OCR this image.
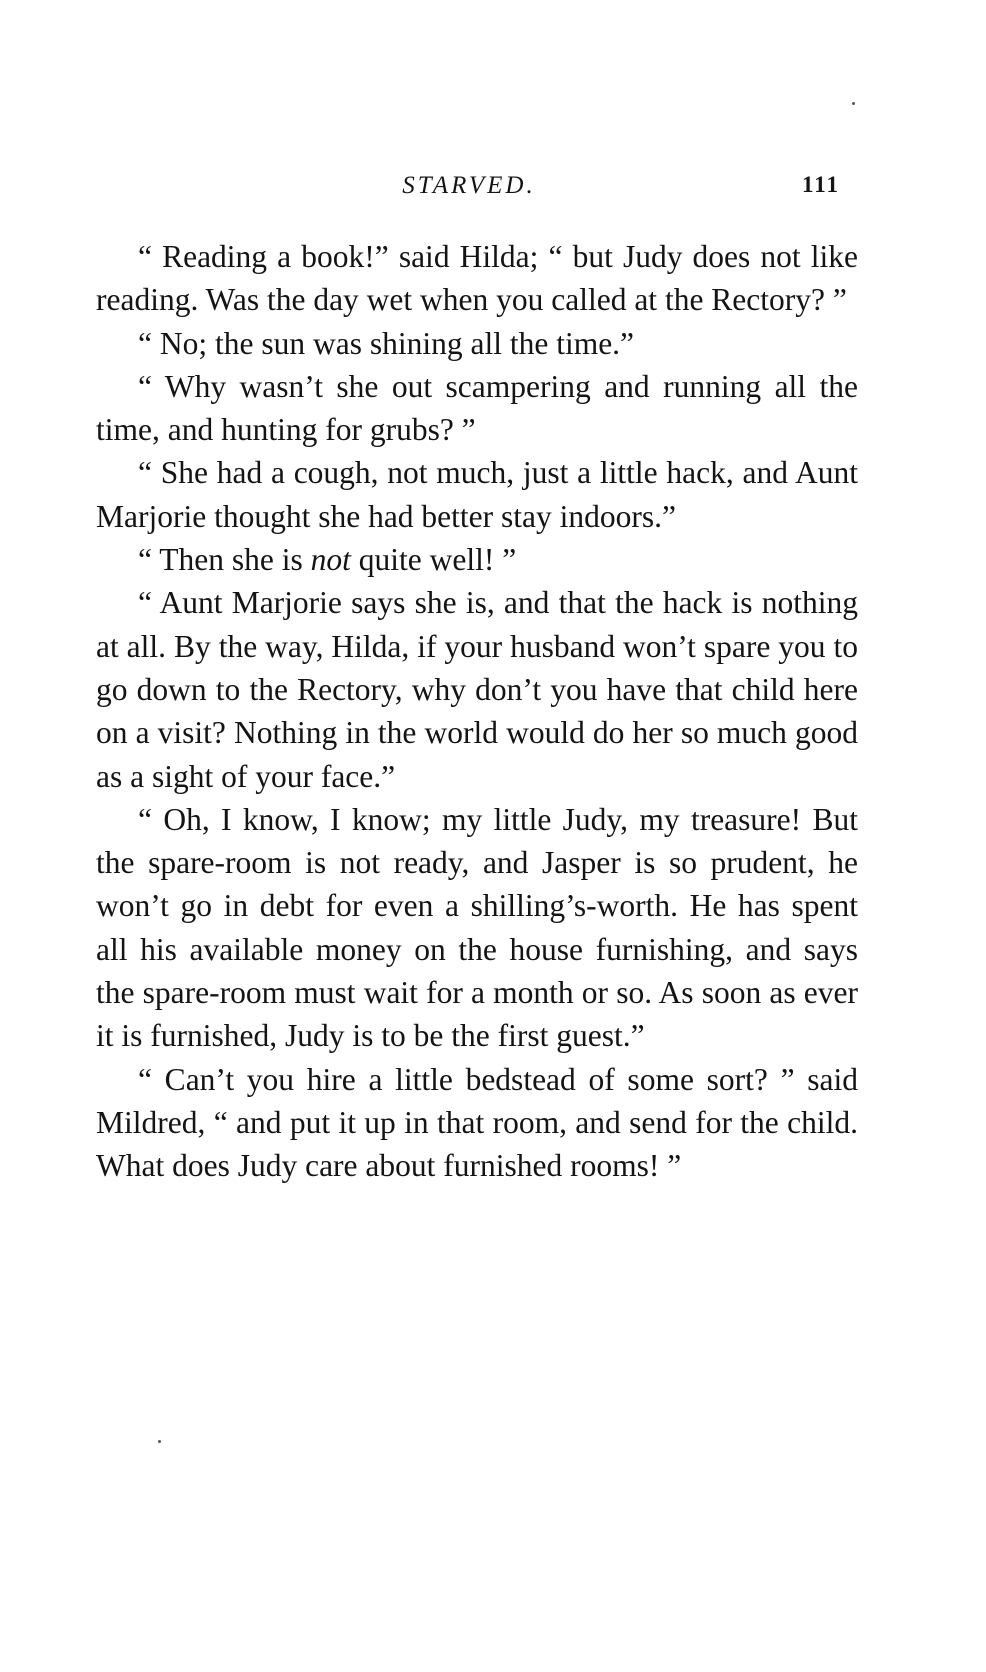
STARVED.	111

“ Reading a book!” said Hilda; “ but Judy does not like reading. Was the day wet when you called at the Rectory? ”

“ No; the sun was shining all the time.”

“ Why wasn’t she out scampering and running all the time, and hunting for grubs? ”

“ She had a cough, not much, just a little hack, and Aunt Marjorie thought she had better stay indoors.”

“ Then she is not quite well! ”

“ Aunt Marjorie says she is, and that the hack is nothing at all. By the way, Hilda, if your husband won’t spare you to go down to the Rectory, why don’t you have that child here on a visit? Nothing in the world would do her so much good as a sight of your face.”

“ Oh, I know, I know; my little Judy, my treasure! But the spare-room is not ready, and Jasper is so prudent, he won’t go in debt for even a shilling’s-worth. He has spent all his available money on the house furnishing, and says the spare-room must wait for a month or so. As soon as ever it is furnished, Judy is to be the first guest.”

“ Can’t you hire a little bedstead of some sort? ” said Mildred, “ and put it up in that room, and send for the child. What does Judy care about furnished rooms! ”
